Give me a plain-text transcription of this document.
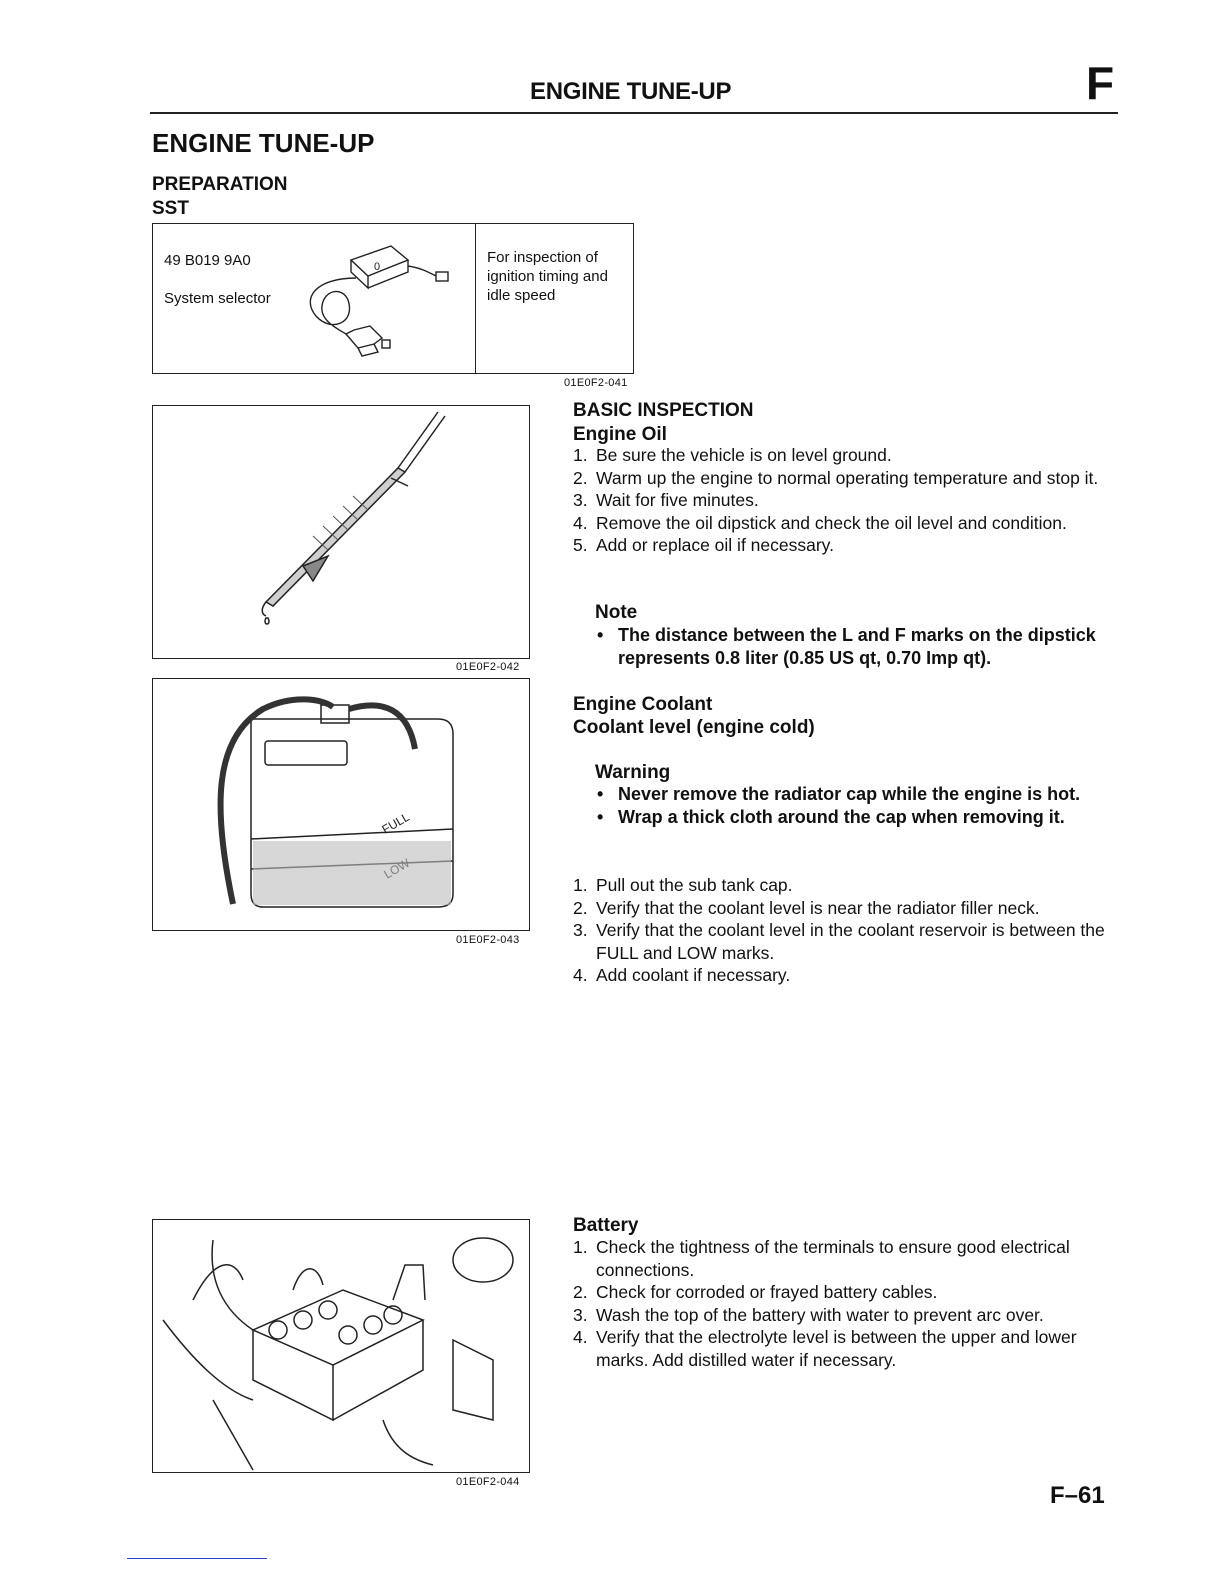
ENGINE TUNE-UP	F
ENGINE TUNE-UP
PREPARATION
SST
49 B019 9A0
System selector
0
For inspection of ignition timing and idle speed
01E0F2-041
01E0F2-042
FULL
01E0F2-043
01E0F2-044
BASIC INSPECTION
Engine Oil
1. Be sure the vehicle is on level ground.
2. Warm up the engine to normal operating temperature and stop it.
3. Wait for five minutes.
4. Remove the oil dipstick and check the oil level and condition.
5. Add or replace oil if necessary.
Note
• The distance between the L and F marks on the dipstick represents 0.8 liter (0.85 US qt, 0.70 Imp qt).
Engine Coolant
Coolant level (engine cold)
Warning
• Never remove the radiator cap while the engine is hot.
• Wrap a thick cloth around the cap when removing it.
1. Pull out the sub tank cap.
2. Verify that the coolant level is near the radiator filler neck.
3. Verify that the coolant level in the coolant reservoir is between the FULL and LOW marks.
4. Add coolant if necessary.
Battery
1. Check the tightness of the terminals to ensure good electrical connections.
2. Check for corroded or frayed battery cables.
3. Wash the top of the battery with water to prevent arc over.
4. Verify that the electrolyte level is between the upper and lower marks. Add distilled water if necessary.
F–61
